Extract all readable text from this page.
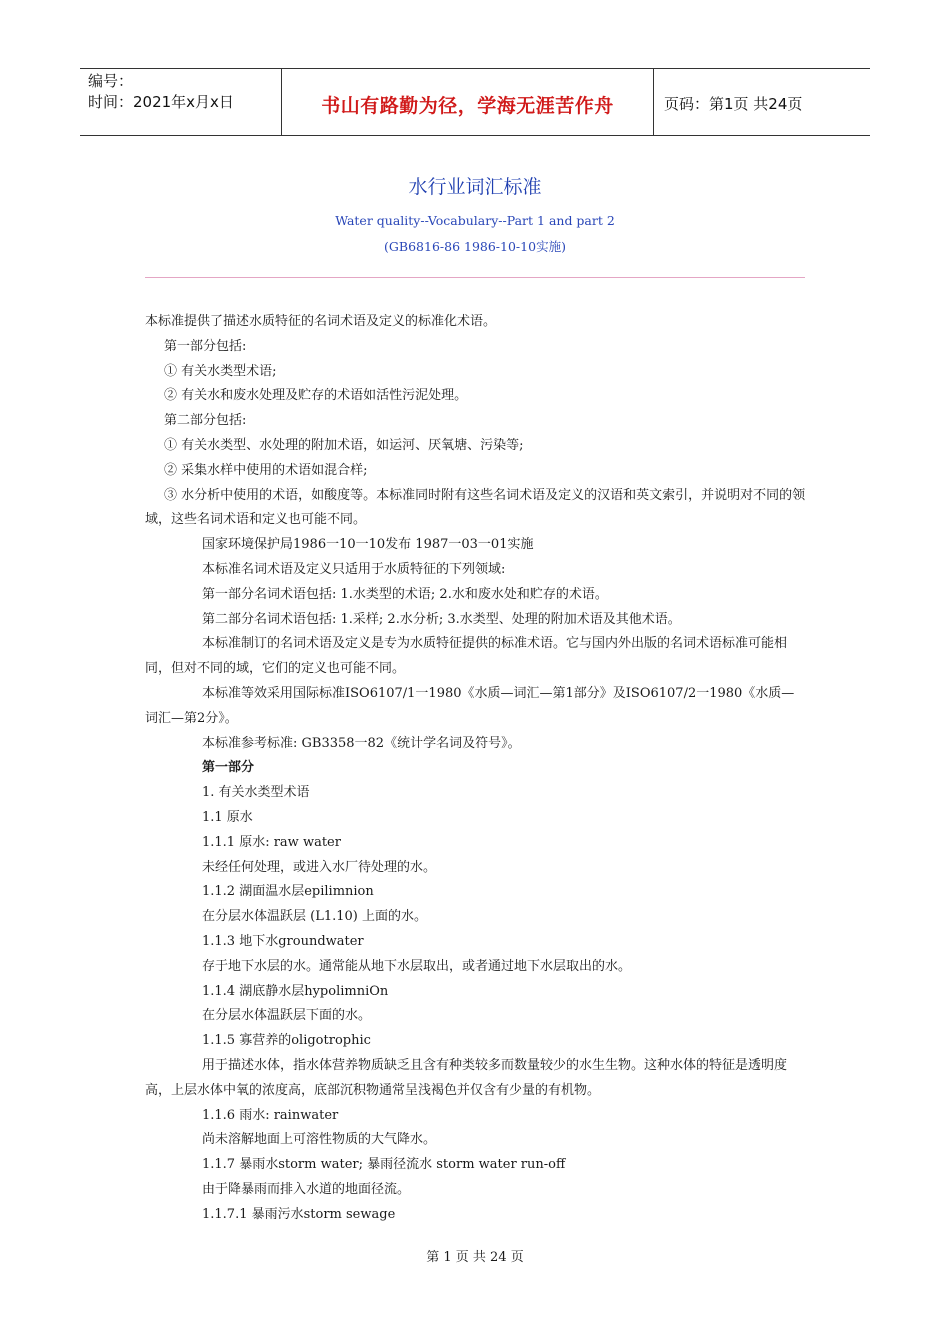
编号：
时间：2021年x月x日	书山有路勤为径，学海无涯苦作舟	页码：第1页 共24页
水行业词汇标准
Water quality--Vocabulary--Part 1 and part 2
(GB6816-86 1986-10-10实施)
本标准提供了描述水质特征的名词术语及定义的标准化术语。
第一部分包括:
① 有关水类型术语;
② 有关水和废水处理及贮存的术语如活性污泥处理。
第二部分包括:
① 有关水类型、水处理的附加术语，如运河、厌氧塘、污染等;
② 采集水样中使用的术语如混合样;
③ 水分析中使用的术语，如酸度等。本标准同时附有这些名词术语及定义的汉语和英文索引，并说明对不同的领域，这些名词术语和定义也可能不同。
国家环境保护局1986一10一10发布 1987一03一01实施
本标准名词术语及定义只适用于水质特征的下列领域:
第一部分名词术语包括: 1.水类型的术语; 2.水和废水处和贮存的术语。
第二部分名词术语包括: 1.采样; 2.水分析; 3.水类型、处理的附加术语及其他术语。
本标准制订的名词术语及定义是专为水质特征提供的标准术语。它与国内外出版的名词术语标准可能相同，但对不同的域，它们的定义也可能不同。
本标准等效采用国际标准ISO6107/1一1980《水质—词汇—第1部分》及ISO6107/2一1980《水质—词汇—第2分》。
本标准参考标准: GB3358一82《统计学名词及符号》。
第一部分
1. 有关水类型术语
1.1 原水
1.1.1 原水: raw water
未经任何处理，或进入水厂待处理的水。
1.1.2 湖面温水层epilimnion
在分层水体温跃层 (L1.10) 上面的水。
1.1.3 地下水groundwater
存于地下水层的水。通常能从地下水层取出，或者通过地下水层取出的水。
1.1.4 湖底静水层hypolimniOn
在分层水体温跃层下面的水。
1.1.5 寡营养的oligotrophic
用于描述水体，指水体营养物质缺乏且含有种类较多而数量较少的水生生物。这种水体的特征是透明度高，上层水体中氧的浓度高，底部沉积物通常呈浅褐色并仅含有少量的有机物。
1.1.6 雨水: rainwater
尚未溶解地面上可溶性物质的大气降水。
1.1.7 暴雨水storm water; 暴雨径流水 storm water run-off
由于降暴雨而排入水道的地面径流。
1.1.7.1 暴雨污水storm sewage
第 1 页 共 24 页
